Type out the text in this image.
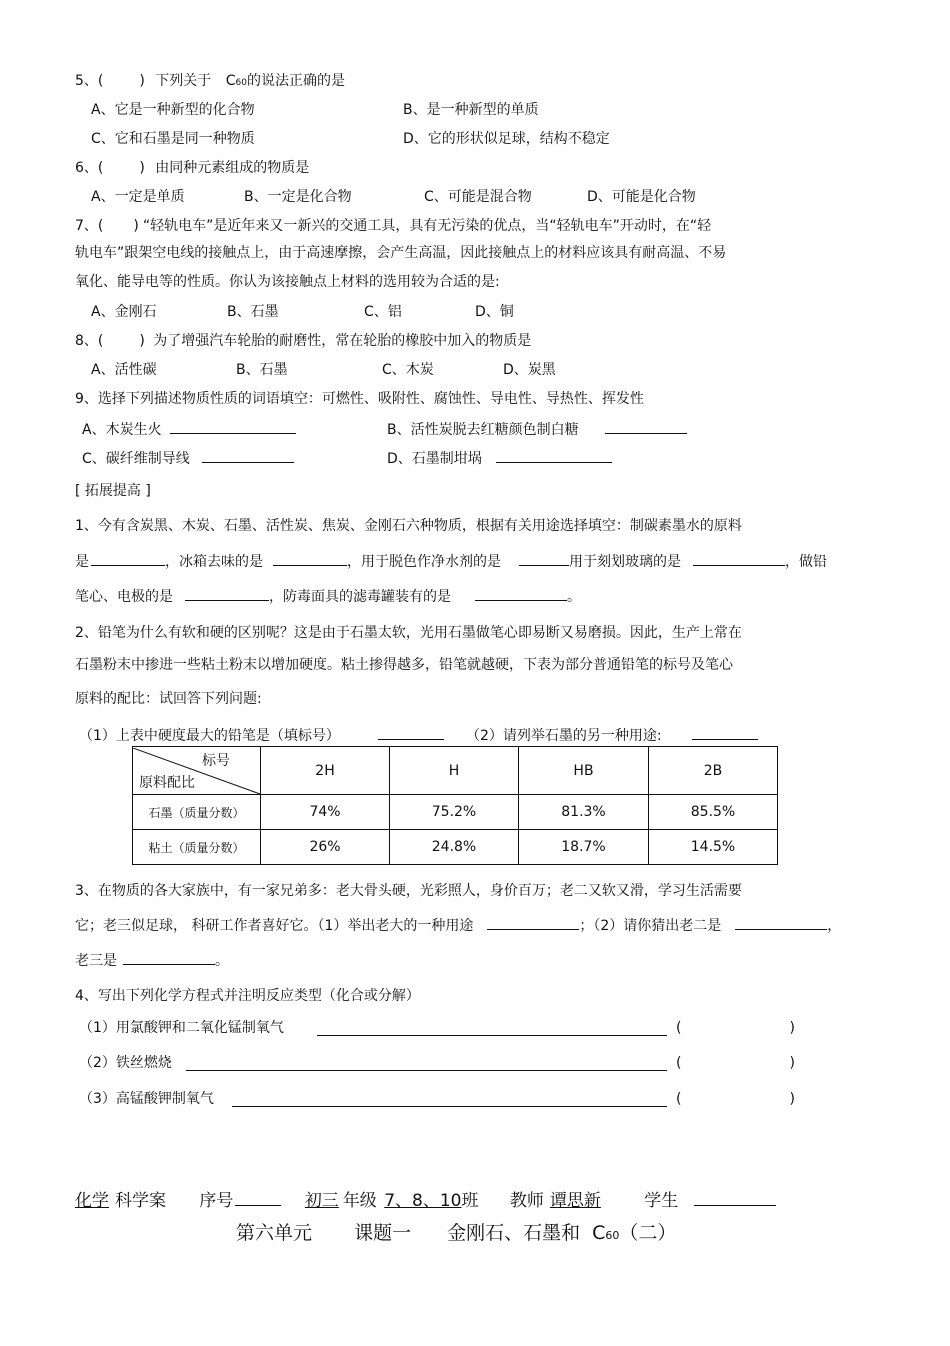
5、(	) 下列关于 C60的说法正确的是
A、它是一种新型的化合物	B、是一种新型的单质
C、它和石墨是同一种物质	D、它的形状似足球，结构不稳定
6、(	) 由同种元素组成的物质是
A、一定是单质	B、一定是化合物	C、可能是混合物	D、可能是化合物
7、( ) “轻轨电车”是近年来又一新兴的交通工具，具有无污染的优点，当“轻轨电车”开动时，在“轻
轨电车”跟架空电线的接触点上，由于高速摩擦，会产生高温，因此接触点上的材料应该具有耐高温、不易
氧化、能导电等的性质。你认为该接触点上材料的选用较为合适的是:
A、金刚石	B、石墨	C、铝	D、铜
8、(	) 为了增强汽车轮胎的耐磨性，常在轮胎的橡胶中加入的物质是
A、活性碳	B、石墨	C、木炭	D、炭黑
9、选择下列描述物质性质的词语填空：可燃性、吸附性、腐蚀性、导电性、导热性、挥发性
A、木炭生火	B、活性炭脱去红糖颜色制白糖
C、碳纤维制导线	D、石墨制坩埚
[ 拓展提高 ]
1、今有含炭黑、木炭、石墨、活性炭、焦炭、金刚石六种物质，根据有关用途选择填空：制碳素墨水的原料
是	，冰箱去味的是	，用于脱色作净水剂的是	用于刻划玻璃的是	，做铅
笔心、电极的是	，防毒面具的滤毒罐装有的是	。
2、铅笔为什么有软和硬的区别呢？这是由于石墨太软，光用石墨做笔心即易断又易磨损。因此，生产上常在
石墨粉末中掺进一些粘土粉末以增加硬度。粘土掺得越多，铅笔就越硬，下表为部分普通铅笔的标号及笔心
原料的配比：试回答下列问题:
（1）上表中硬度最大的铅笔是（填标号）	（2）请列举石墨的另一种用途:
标号
原料配比	2H	H	HB	2B
石墨（质量分数）	74%	75.2%	81.3%	85.5%
粘土（质量分数）	26%	24.8%	18.7%	14.5%
3、在物质的各大家族中，有一家兄弟多：老大骨头硬，光彩照人，身价百万；老二又软又滑，学习生活需要
它；老三似足球， 科研工作者喜好它。（1）举出老大的一种用途	；（2）请你猜出老二是	，
老三是	。
4、写出下列化学方程式并注明反应类型（化合或分解）
（1）用氯酸钾和二氧化锰制氧气	(	)
（2）铁丝燃烧	(	)
（3）高锰酸钾制氧气	(	)
化学 科学案 序号	初三 年级 7、8、10班 教师 谭思新	学生
第六单元 课题一 金刚石、石墨和 C60（二）
